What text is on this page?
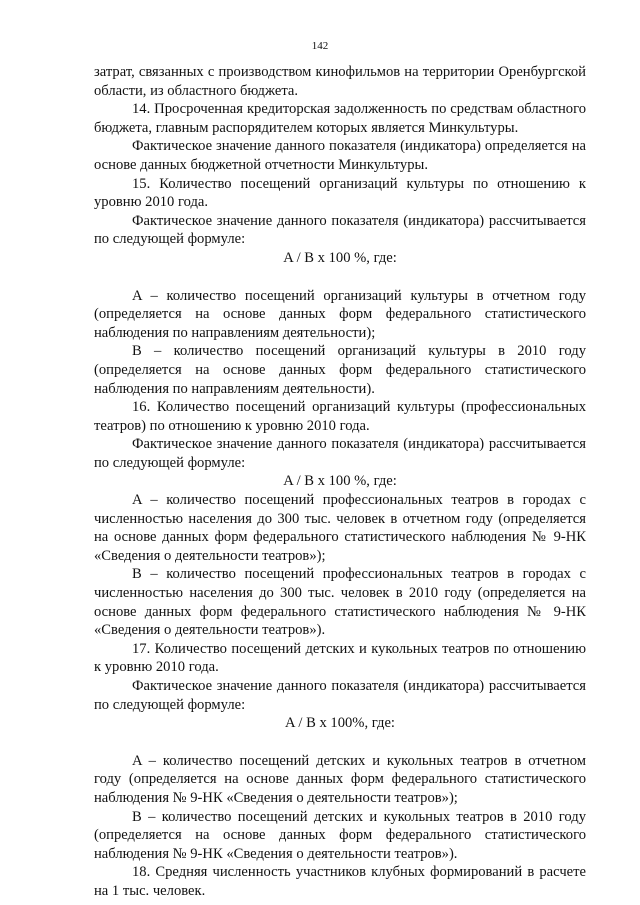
142

затрат, связанных с производством кинофильмов на территории Оренбургской области, из областного бюджета.

14. Просроченная кредиторская задолженность по средствам областного бюджета, главным распорядителем которых является Минкультуры.

Фактическое значение данного показателя (индикатора) определяется на основе данных бюджетной отчетности Минкультуры.

15. Количество посещений организаций культуры по отношению к уровню 2010 года.

Фактическое значение данного показателя (индикатора) рассчитывается по следующей формуле:

A / B x 100 %, где:

A – количество посещений организаций культуры в отчетном году (определяется на основе данных форм федерального статистического наблюдения по направлениям деятельности);

B – количество посещений организаций культуры в 2010 году (определяется на основе данных форм федерального статистического наблюдения по направлениям деятельности).

16. Количество посещений организаций культуры (профессиональных театров) по отношению к уровню 2010 года.

Фактическое значение данного показателя (индикатора) рассчитывается по следующей формуле:

A / B x 100 %, где:

A – количество посещений профессиональных театров в городах с численностью населения до 300 тыс. человек в отчетном году (определяется на основе данных форм федерального статистического наблюдения № 9-НК «Сведения о деятельности театров»);

B – количество посещений профессиональных театров в городах с численностью населения до 300 тыс. человек в 2010 году (определяется на основе данных форм федерального статистического наблюдения № 9-НК «Сведения о деятельности театров»).

17. Количество посещений детских и кукольных театров по отношению к уровню 2010 года.

Фактическое значение данного показателя (индикатора) рассчитывается по следующей формуле:

A / B x 100%, где:

A – количество посещений детских и кукольных театров в отчетном году (определяется на основе данных форм федерального статистического наблюдения № 9-НК «Сведения о деятельности театров»);

B – количество посещений детских и кукольных театров в 2010 году (определяется на основе данных форм федерального статистического наблюдения № 9-НК «Сведения о деятельности театров»).

18. Средняя численность участников клубных формирований в расчете на 1 тыс. человек.
